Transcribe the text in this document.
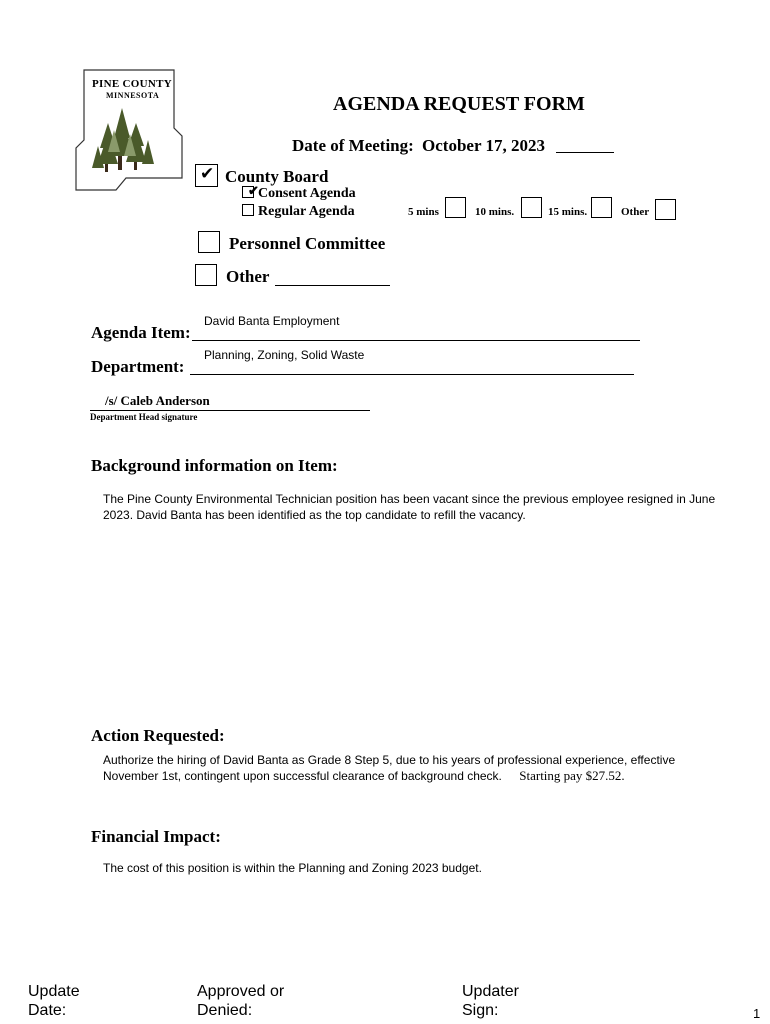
PINE COUNTY
MINNESOTA	AGENDA REQUEST FORM
Date of Meeting: October 17, 2023
✔ County Board
✔ Consent Agenda
Regular Agenda	5 mins	10 mins.	15 mins.	Other
Personnel Committee
Other
David Banta Employment
Agenda Item:
Planning, Zoning, Solid Waste
Department:
/s/ Caleb Anderson
Department Head signature
Background information on Item:
The Pine County Environmental Technician position has been vacant since the previous employee resigned in June 2023. David Banta has been identified as the top candidate to refill the vacancy.
Action Requested:
Authorize the hiring of David Banta as Grade 8 Step 5, due to his years of professional experience, effective November 1st, contingent upon successful clearance of background check. Starting pay $27.52.
Financial Impact:
The cost of this position is within the Planning and Zoning 2023 budget.
Update
Date:
Approved or
Denied:
Updater
Sign:	1
